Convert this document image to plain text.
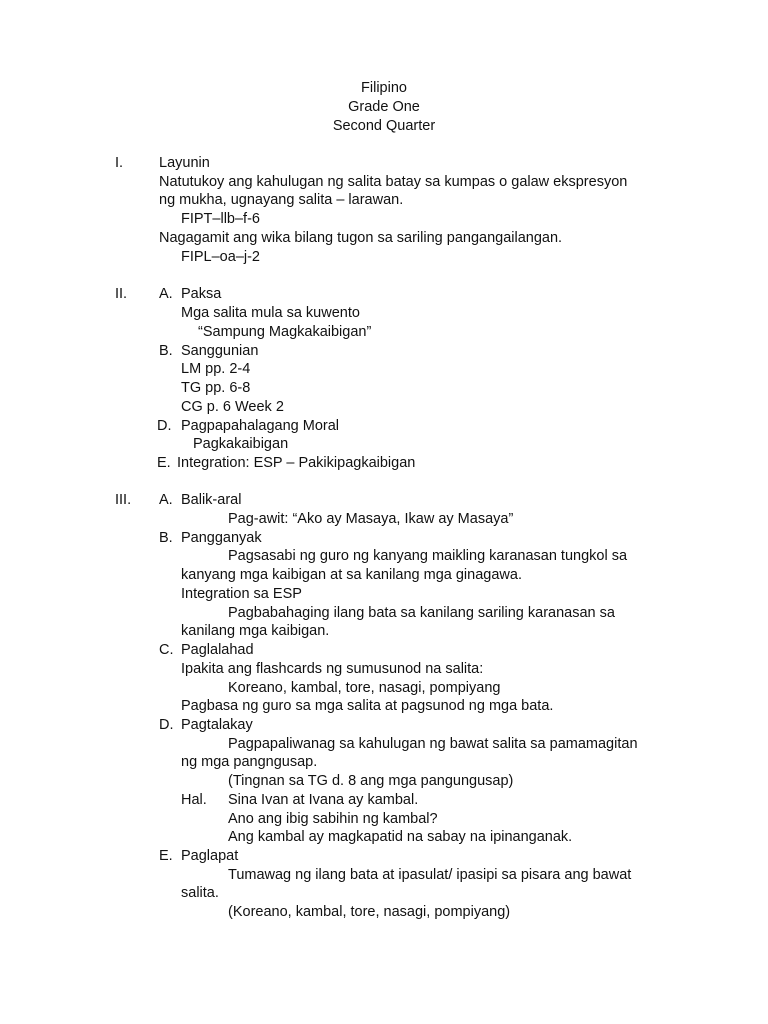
Filipino
Grade One
Second Quarter
I. Layunin
Natutukoy ang kahulugan ng salita batay sa kumpas o galaw ekspresyon
ng mukha, ugnayang salita – larawan.
FIPT–llb–f-6
Nagagamit ang wika bilang tugon sa sariling pangangailangan.
FIPL–oa–j-2
II. A. Paksa
Mga salita mula sa kuwento
“Sampung Magkakaibigan”
B. Sanggunian
LM pp. 2-4
TG pp. 6-8
CG p. 6 Week 2
D. Pagpapahalagang Moral
Pagkakaibigan
E. Integration: ESP – Pakikipagkaibigan
III. A. Balik-aral
Pag-awit: “Ako ay Masaya, Ikaw ay Masaya”
B. Pangganyak
Pagsasabi ng guro ng kanyang maikling karanasan tungkol sa
kanyang mga kaibigan at sa kanilang mga ginagawa.
Integration sa ESP
Pagbabahaging ilang bata sa kanilang sariling karanasan sa
kanilang mga kaibigan.
C. Paglalahad
Ipakita ang flashcards ng sumusunod na salita:
Koreano, kambal, tore, nasagi, pompiyang
Pagbasa ng guro sa mga salita at pagsunod ng mga bata.
D. Pagtalakay
Pagpapaliwanag sa kahulugan ng bawat salita sa pamamagitan
ng mga pangngusap.
(Tingnan sa TG d. 8 ang mga pangungusap)
Hal. Sina Ivan at Ivana ay kambal.
Ano ang ibig sabihin ng kambal?
Ang kambal ay magkapatid na sabay na ipinanganak.
E. Paglapat
Tumawag ng ilang bata at ipasulat/ ipasipi sa pisara ang bawat
salita.
(Koreano, kambal, tore, nasagi, pompiyang)
